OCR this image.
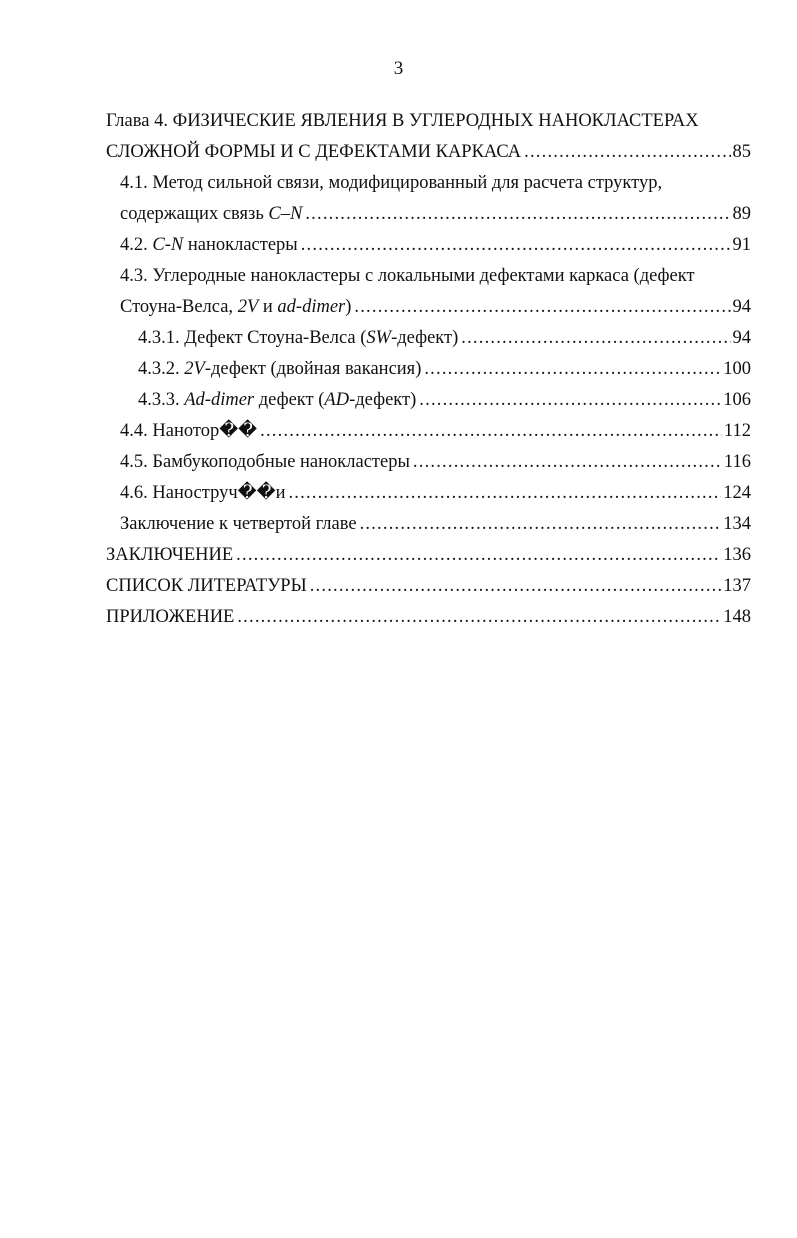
3
Глава 4. ФИЗИЧЕСКИЕ ЯВЛЕНИЯ В УГЛЕРОДНЫХ НАНОКЛАСТЕРАХ
СЛОЖНОЙ ФОРМЫ И С ДЕФЕКТАМИ КАРКАСА .....	85
4.1. Метод сильной связи, модифицированный для расчета структур,
содержащих связь C–N .....	89
4.2. C-N нанокластеры .....	91
4.3. Углеродные нанокластеры с локальными дефектами каркаса (дефект
Стоуна-Велса, 2V и ad-dimer) .....	94
4.3.1. Дефект Стоуна-Велса (SW-дефект) .....	94
4.3.2. 2V-дефект (двойная вакансия) .....	100
4.3.3. Ad-dimer дефект (AD-дефект) .....	106
4.4. Нанотор�� .....	112
4.5. Бамбукоподобные нанокластеры .....	116
4.6. Наноструч��и .....	124
Заключение к четвертой главе .....	134
ЗАКЛЮЧЕНИЕ .....	136
СПИСОК ЛИТЕРАТУРЫ .....	137
ПРИЛОЖЕНИЕ .....	148
